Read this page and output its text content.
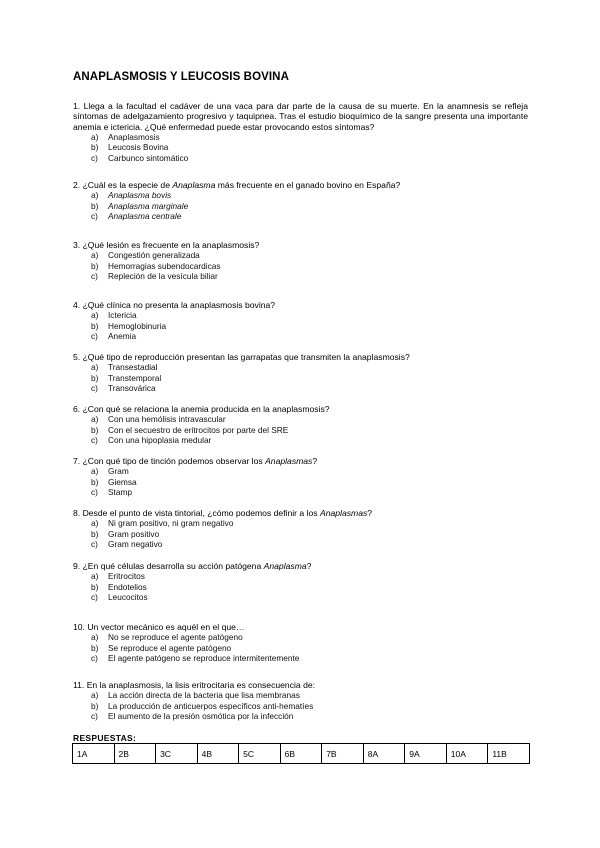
ANAPLASMOSIS Y LEUCOSIS BOVINA

1. Llega a la facultad el cadáver de una vaca para dar parte de la causa de su muerte. En la anamnesis se refleja síntomas de adelgazamiento progresivo y taquipnea. Tras el estudio bioquímico de la sangre presenta una importante anemia e ictericia. ¿Qué enfermedad puede estar provocando estos síntomas?

a)	Anaplasmosis
b)	Leucosis Bovina
c)	Carbunco sintomático

2. ¿Cuál es la especie de Anaplasma más frecuente en el ganado bovino en España?

a)	Anaplasma bovis
b)	Anaplasma marginale
c)	Anaplasma centrale

3. ¿Qué lesión es frecuente en la anaplasmosis?

a)	Congestión generalizada
b)	Hemorragias subendocardicas
c)	Repleción de la vesícula biliar

4. ¿Qué clínica no presenta la anaplasmosis bovina?

a)	Ictericia
b)	Hemoglobinuria
c)	Anemia

5. ¿Qué tipo de reproducción presentan las garrapatas que transmiten la anaplasmosis?

a)	Transestadial
b)	Transtemporal
c)	Transovárica

6. ¿Con qué se relaciona la anemia producida en la anaplasmosis?

a)	Con una hemólisis intravascular
b)	Con el secuestro de eritrocitos por parte del SRE
c)	Con una hipoplasia medular

7. ¿Con qué tipo de tinción podemos observar los Anaplasmas?

a)	Gram
b)	Giemsa
c)	Stamp

8. Desde el punto de vista tintorial, ¿cómo podemos definir a los Anaplasmas?

a)	Ni gram positivo, ni gram negativo
b)	Gram positivo
c)	Gram negativo

9. ¿En qué células desarrolla su acción patógena Anaplasma?

a)	Eritrocitos
b)	Endotelios
c)	Leucocitos

10. Un vector mecánico es aquél en el que…

a)	No se reproduce el agente patógeno
b)	Se reproduce el agente patógeno
c)	El agente patógeno se reproduce intermitentemente

11. En la anaplasmosis, la lisis eritrocitaria es consecuencia de:

a)	La acción directa de la bacteria que lisa membranas
b)	La producción de anticuerpos específicos anti-hematíes
c)	El aumento de la presión osmótica por la infección
RESPUESTAS:
1A	2B	3C	4B	5C	6B	7B	8A	9A	10A	11B
